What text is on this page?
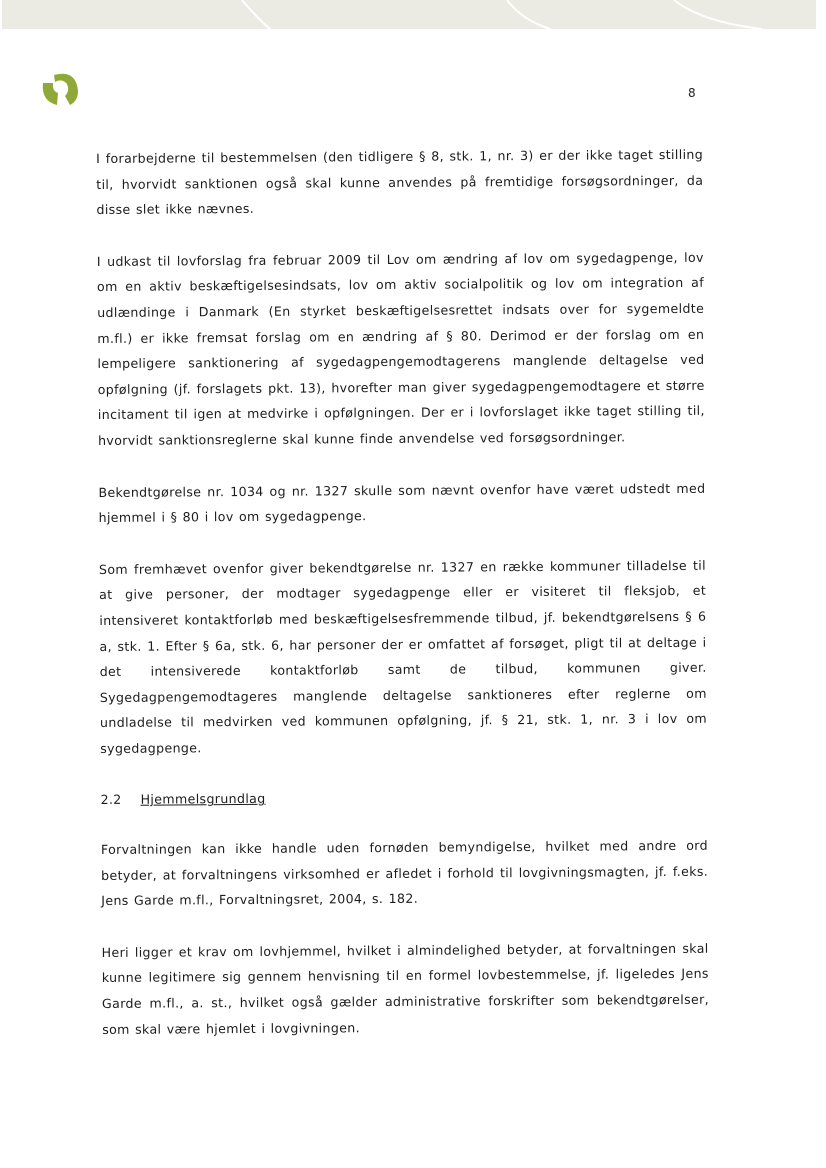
8

I forarbejderne til bestemmelsen (den tidligere § 8, stk. 1, nr. 3) er der ikke taget stilling til, hvorvidt sanktionen også skal kunne anvendes på fremtidige forsøgsordninger, da disse slet ikke nævnes.

I udkast til lovforslag fra februar 2009 til Lov om ændring af lov om sygedagpenge, lov om en aktiv beskæftigelsesindsats, lov om aktiv socialpolitik og lov om integration af udlændinge i Danmark (En styrket beskæftigelsesrettet indsats over for sygemeldte m.fl.) er ikke fremsat forslag om en ændring af § 80. Derimod er der forslag om en lempeligere sanktionering af sygedagpengemodtagerens manglende deltagelse ved opfølgning (jf. forslagets pkt. 13), hvorefter man giver sygedagpengemodtagere et større incitament til igen at medvirke i opfølgningen. Der er i lovforslaget ikke taget stilling til, hvorvidt sanktionsreglerne skal kunne finde anvendelse ved forsøgsordninger.

Bekendtgørelse nr. 1034 og nr. 1327 skulle som nævnt ovenfor have været udstedt med hjemmel i § 80 i lov om sygedagpenge.

Som fremhævet ovenfor giver bekendtgørelse nr. 1327 en række kommuner tilladelse til at give personer, der modtager sygedagpenge eller er visiteret til fleksjob, et intensiveret kontaktforløb med beskæftigelsesfremmende tilbud, jf. bekendtgørelsens § 6 a, stk. 1. Efter § 6a, stk. 6, har personer der er omfattet af forsøget, pligt til at deltage i det intensiverede kontaktforløb samt de tilbud, kommunen giver. Sygedagpengemodtageres manglende deltagelse sanktioneres efter reglerne om undladelse til medvirken ved kommunen opfølgning, jf. § 21, stk. 1, nr. 3 i lov om sygedagpenge.

2.2 Hjemmelsgrundlag

Forvaltningen kan ikke handle uden fornøden bemyndigelse, hvilket med andre ord betyder, at forvaltningens virksomhed er afledet i forhold til lovgivningsmagten, jf. f.eks. Jens Garde m.fl., Forvaltningsret, 2004, s. 182.

Heri ligger et krav om lovhjemmel, hvilket i almindelighed betyder, at forvaltningen skal kunne legitimere sig gennem henvisning til en formel lovbestemmelse, jf. ligeledes Jens Garde m.fl., a. st., hvilket også gælder administrative forskrifter som bekendtgørelser, som skal være hjemlet i lovgivningen.
